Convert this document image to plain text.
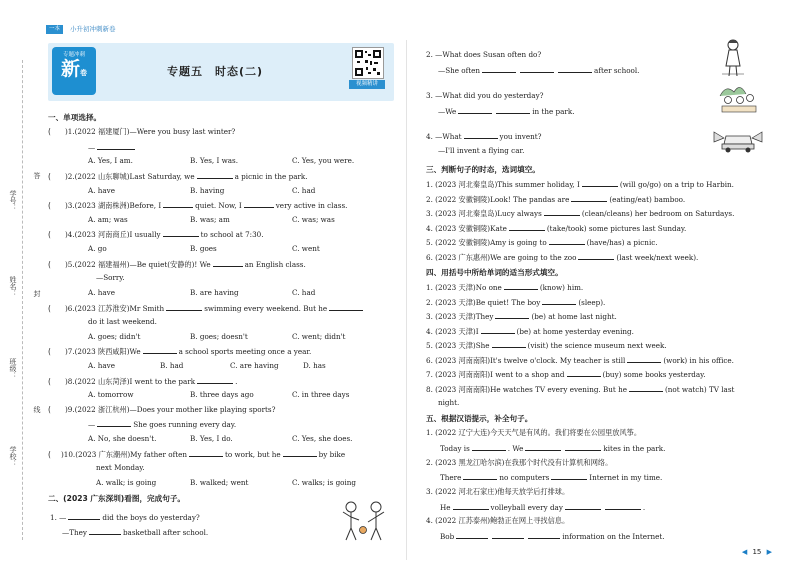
一本	小升初冲刺新卷
学号：
姓名：
班级：
学校：
答
封
线
专题冲刺
新卷	专题五　时态(二)
视频精讲
一、单项选择。
( )1.(2022 福建厦门)—Were you busy last winter?
—
A. Yes, I am.	B. Yes, I was.	C. Yes, you were.
( )2.(2022 山东聊城)Last Saturday, we	a picnic in the park.
A. have	B. having	C. had
( )3.(2023 湖南株洲)Before, I	quiet. Now, I	very active in class.
A. am; was	B. was; am	C. was; was
( )4.(2023 河南商丘)I usually	to school at 7:30.
A. go	B. goes	C. went
( )5.(2022 福建福州)—Be quiet(安静的)! We	an English class.
—Sorry.
A. have	B. are having	C. had
( )6.(2023 江苏淮安)Mr Smith	swimming every weekend. But he
do it last weekend.
A. goes; didn't	B. goes; doesn't	C. went; didn't
( )7.(2023 陕西咸阳)We	a school sports meeting once a year.
A. have	B. had	C. are having	D. has
( )8.(2022 山东菏泽)I went to the park	.
A. tomorrow	B. three days ago	C. in three days
( )9.(2022 浙江杭州)—Does your mother like playing sports?
—	She goes running every day.
A. No, she doesn't.	B. Yes, I do.	C. Yes, she does.
( )10.(2023 广东潮州)My father often	to work, but he	by bike
next Monday.
A. walk; is going	B. walked; went	C. walks; is going
二、(2023 广东深圳)看图，完成句子。
1. —	did the boys do yesterday?
—They	basketball after school.
2. —What does Susan often do?
—She often	after school.
3. —What did you do yesterday?
—We	in the park.
4. —What	you invent?
—I'll invent a flying car.
三、判断句子的时态，选词填空。
1. (2023 河北秦皇岛)This summer holiday, I	(will go/go) on a trip to Harbin.
2. (2022 安徽铜陵)Look! The pandas are	(eating/eat) bamboo.
3. (2023 河北秦皇岛)Lucy always	(clean/cleans) her bedroom on Saturdays.
4. (2023 安徽铜陵)Kate	(take/took) some pictures last Sunday.
5. (2022 安徽铜陵)Amy is going to	(have/has) a picnic.
6. (2023 广东惠州)We are going to the zoo	(last week/next week).
四、用括号中所给单词的适当形式填空。
1. (2023 天津)No one	(know) him.
2. (2023 天津)Be quiet! The boy	(sleep).
3. (2023 天津)They	(be) at home last night.
4. (2023 天津)I	(be) at home yesterday evening.
5. (2023 天津)She	(visit) the science museum next week.
6. (2023 河南南阳)It's twelve o'clock. My teacher is still	(work) in his office.
7. (2023 河南南阳)I went to a shop and	(buy) some books yesterday.
8. (2023 河南南阳)He watches TV every evening. But he	(not watch) TV last
night.
五、根据汉语提示，补全句子。
1. (2022 辽宁大连)今天天气是有风的。我们将要在公园里放风筝。
Today is	. We	kites in the park.
2. (2023 黑龙江哈尔滨)在我那个时代没有计算机和网络。
There	no computers	Internet in my time.
3. (2022 河北石家庄)他每天放学后打排球。
He	volleyball every day	.
4. (2022 江苏泰州)鲍勃正在网上寻找信息。
Bob	information on the Internet.
◀ 15 ▶
